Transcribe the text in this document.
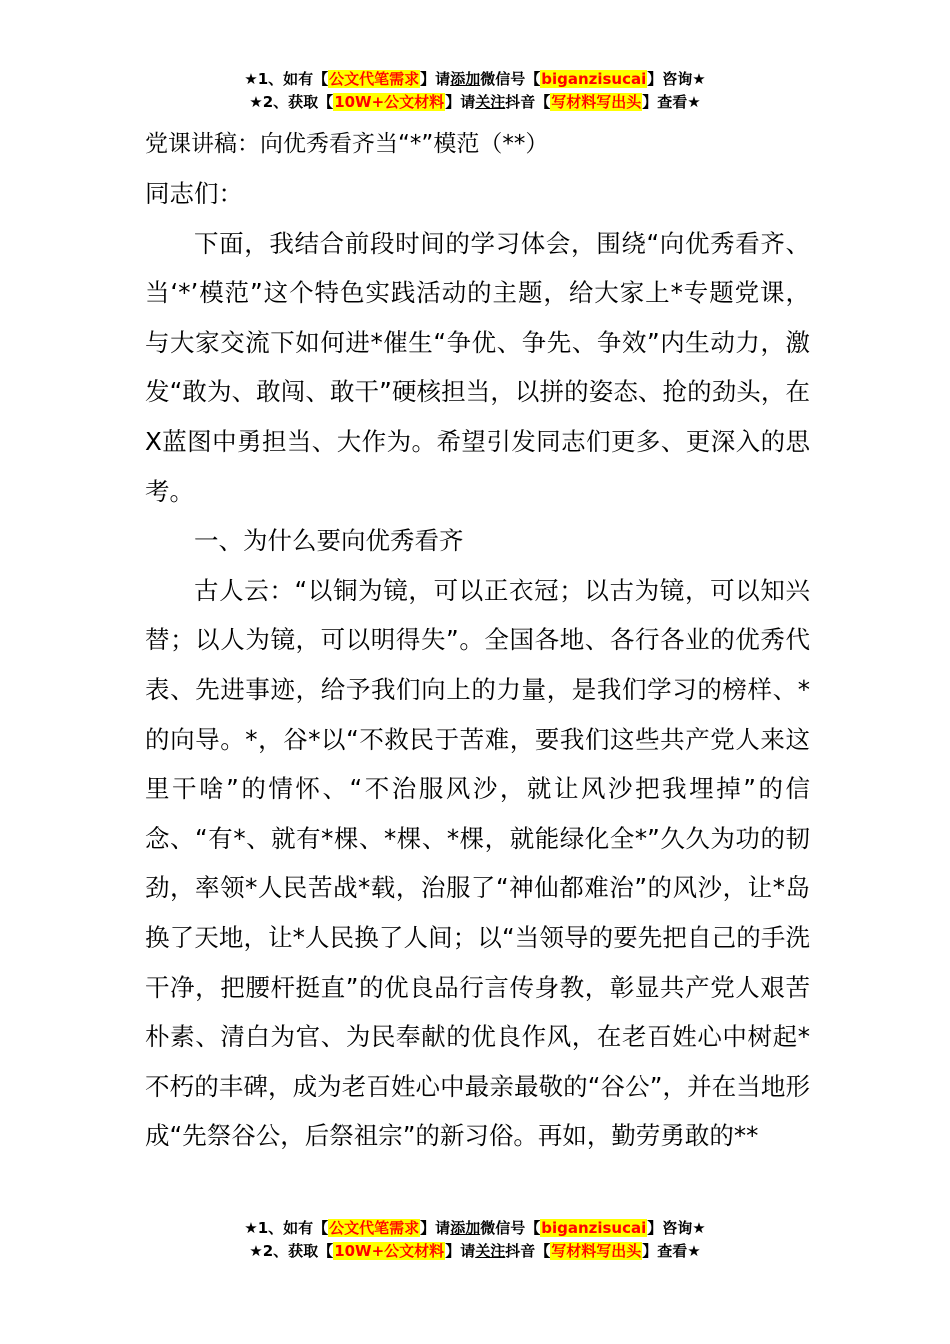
★1、如有【公文代笔需求】请添加微信号【biganzisucai】咨询★
★2、获取【10W+公文材料】请关注抖音【写材料写出头】查看★

党课讲稿：向优秀看齐当“*”模范（**）

同志们：

下面，我结合前段时间的学习体会，围绕“向优秀看齐、当‘*’模范”这个特色实践活动的主题，给大家上*专题党课，与大家交流下如何进*催生“争优、争先、争效”内生动力，激发“敢为、敢闯、敢干”硬核担当，以拼的姿态、抢的劲头，在X蓝图中勇担当、大作为。希望引发同志们更多、更深入的思考。

一、为什么要向优秀看齐

古人云：“以铜为镜，可以正衣冠；以古为镜，可以知兴替；以人为镜，可以明得失”。全国各地、各行各业的优秀代表、先进事迹，给予我们向上的力量，是我们学习的榜样、*的向导。*，谷*以“不救民于苦难，要我们这些共产党人来这里干啥”的情怀、“不治服风沙，就让风沙把我埋掉”的信念、“有*、就有*棵、*棵、*棵，就能绿化全*”久久为功的韧劲，率领*人民苦战*载，治服了“神仙都难治”的风沙，让*岛换了天地，让*人民换了人间；以“当领导的要先把自己的手洗干净，把腰杆挺直”的优良品行言传身教，彰显共产党人艰苦朴素、清白为官、为民奉献的优良作风，在老百姓心中树起*不朽的丰碑，成为老百姓心中最亲最敬的“谷公”，并在当地形成“先祭谷公，后祭祖宗”的新习俗。再如，勤劳勇敢的**

★1、如有【公文代笔需求】请添加微信号【biganzisucai】咨询★
★2、获取【10W+公文材料】请关注抖音【写材料写出头】查看★
